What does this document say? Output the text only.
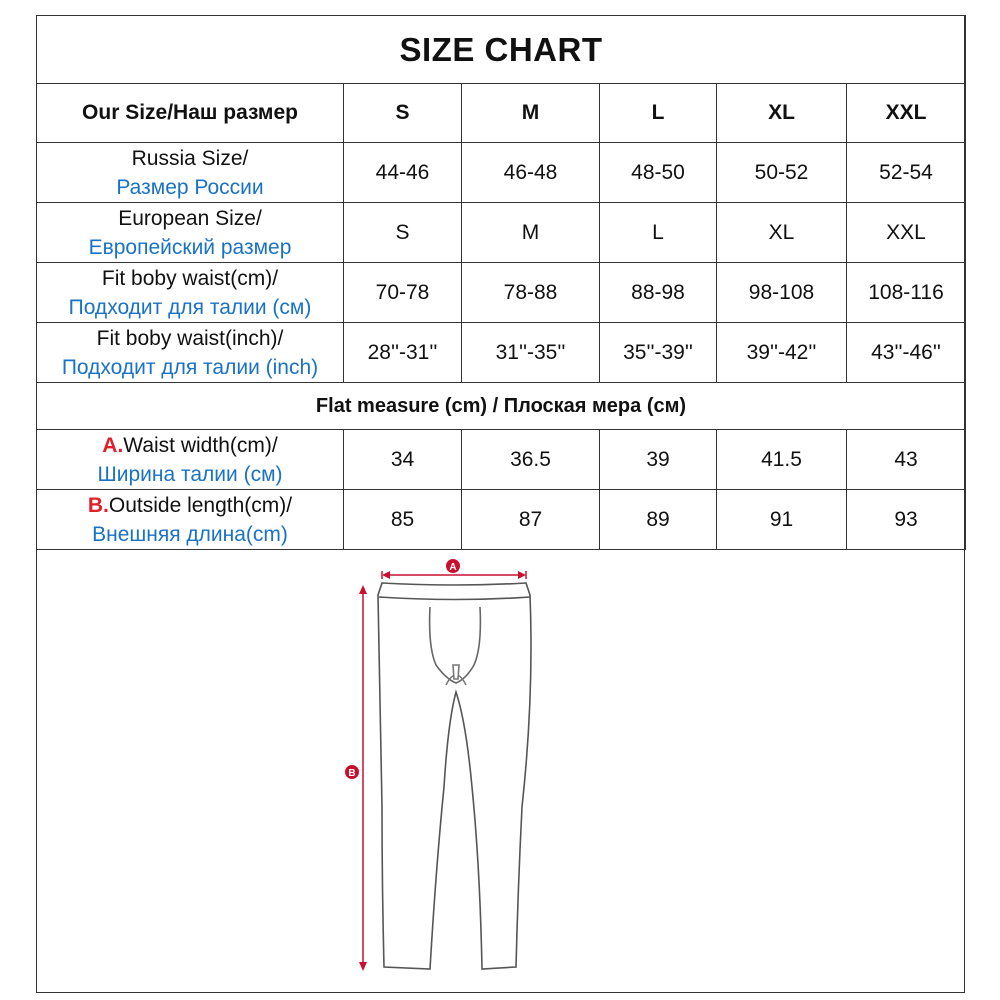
SIZE CHART					
Our Size/Наш размер	S	M	L	XL	XXL

Russia Size/
Размер России	44-46	46-48	48-50	50-52	52-54

European Size/
Европейский размер	S	M	L	XL	XXL

Fit boby waist(cm)/
Подходит для талии (см)	70-78	78-88	88-98	98-108	108-116

Fit boby waist(inch)/
Подходит для талии (inch)	28''-31''	31''-35''	35''-39''	39''-42''	43''-46''
Flat measure (cm) / Плоская мера (см)					

A.Waist width(cm)/
Ширина талии (см)	34	36.5	39	41.5	43

B.Outside length(cm)/
Внешняя длина(cm)	85	87	89	91	93
A
B
